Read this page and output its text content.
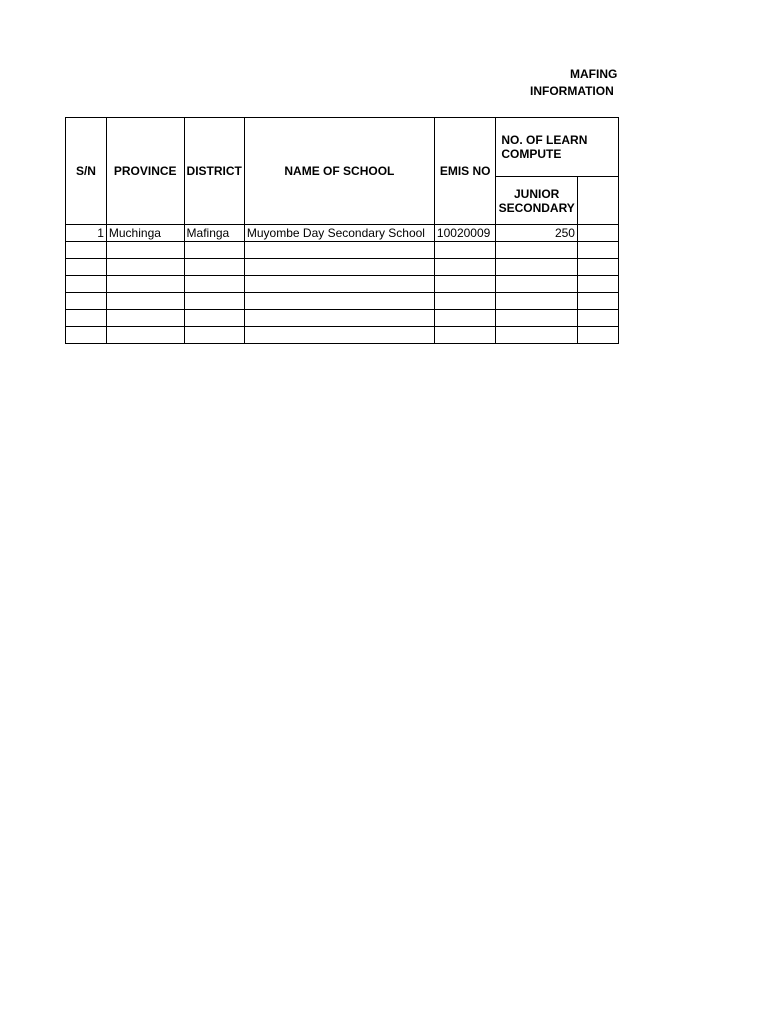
MAFING
INFORMATION
S/N	PROVINCE	DISTRICT	NAME OF SCHOOL	EMIS NO	NO. OF LEARN COMPUTE	
					JUNIOR SECONDARY	
1	Muchinga	Mafinga	Muyombe Day Secondary School	10020009	250	
